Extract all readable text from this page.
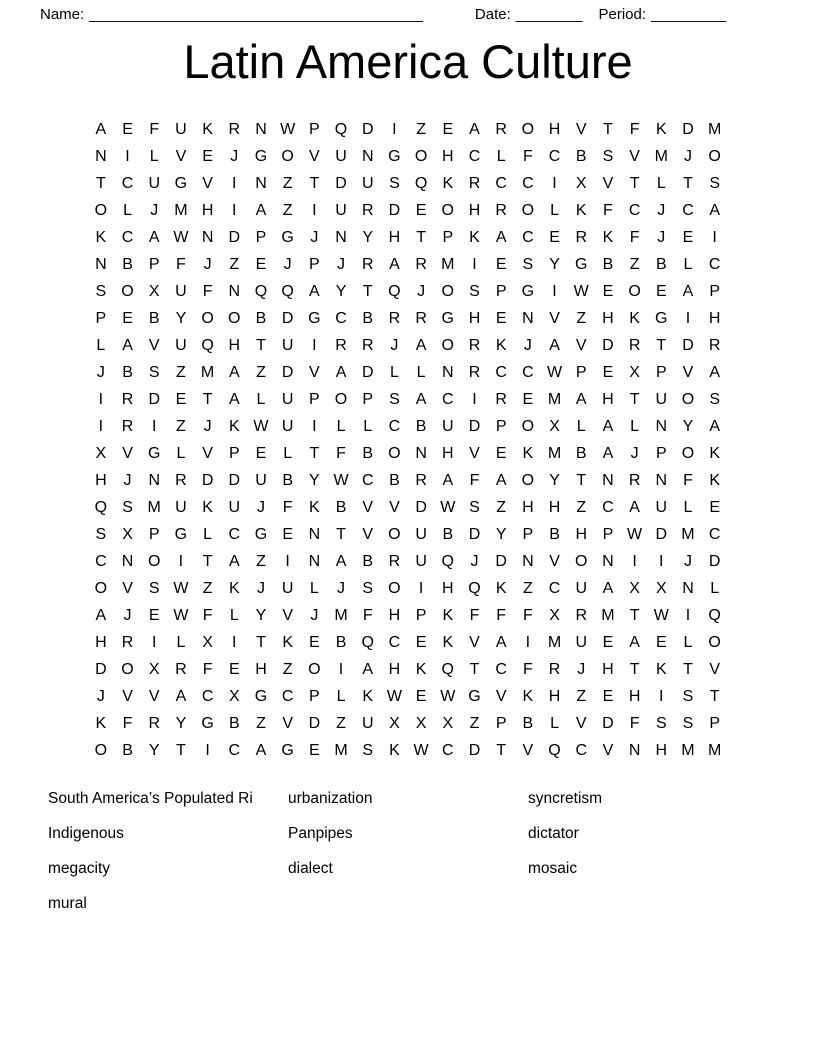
Name: ________________________________________	Date: ________ Period: _________
Latin America Culture
A	E	F	U K R N W P Q D	I	Z	E	A R O H V	T	F	K D M
N	I	L	V	E	J	G O V U N G O H C	L	F	C B	S	V M	J	O
T	C U G V	I	N	Z	T	D U S Q K R C C	I	X	V	T	L	T	S
O	L	J	M H	I	A	Z	I	U R D E O H R O	L	K	F	C	J	C A
K C A W N D P G	J	N Y H	T	P	K	A C E R K	F	J	E	I
N B	P	F	J	Z	E	J	P	J	R A R M	I	E	S	Y G B	Z	B	L	C
S O X U	F	N Q Q A	Y	T Q	J	O S	P G	I	W E O E	A	P
P	E	B	Y O O B D G C B R R G H E N V	Z	H K G	I	H
L	A	V U Q H	T	U	I	R R	J	A O R K	J	A	V D R	T	D R
J	B	S	Z M A	Z	D V	A D	L	L	N R C C W P	E	X	P	V	A
I	R D E	T	A	L	U P O P	S	A C	I	R E M A H	T	U O S
I	R	I	Z	J	K W U	I	L	L	C B U D P O X	L	A	L	N Y	A
X	V G	L	V	P	E	L	T	F	B O N H V	E	K M B	A	J	P O K
H	J	N R D D U B	Y W C B R A	F	A O Y	T	N R N	F	K
Q S M U K U	J	F	K	B	V	V D W S	Z	H H	Z	C A U	L	E
S	X	P G	L	C G E N	T	V O U B D Y	P	B H P W D M C
C N O	I	T	A	Z	I	N A	B R U Q	J	D N V O N	I	I	J	D
O V	S W Z	K	J	U	L	J	S O	I	H Q K	Z	C U A	X	X N	L
A	J	E W F	L	Y	V	J	M F	H P	K	F	F	F	X R M T W	I	Q
H R	I	L	X	I	T	K	E	B Q C E	K	V	A	I	M U E	A	E	L	O
D O X R	F	E H	Z O	I	A H K Q T	C	F	R	J	H	T	K	T	V
J	V	V	A C X G C P	L	K W E W G V	K H	Z	E H	I	S	T
K	F	R Y G B	Z	V D	Z	U X	X	X	Z	P	B	L	V D	F	S	S	P
O B	Y	T	I	C A G E M S	K W C D	T	V Q C V N H M M
South America’s Populated Ri	urbanization	syncretism
Indigenous	Panpipes	dictator
megacity	dialect	mosaic
mural
